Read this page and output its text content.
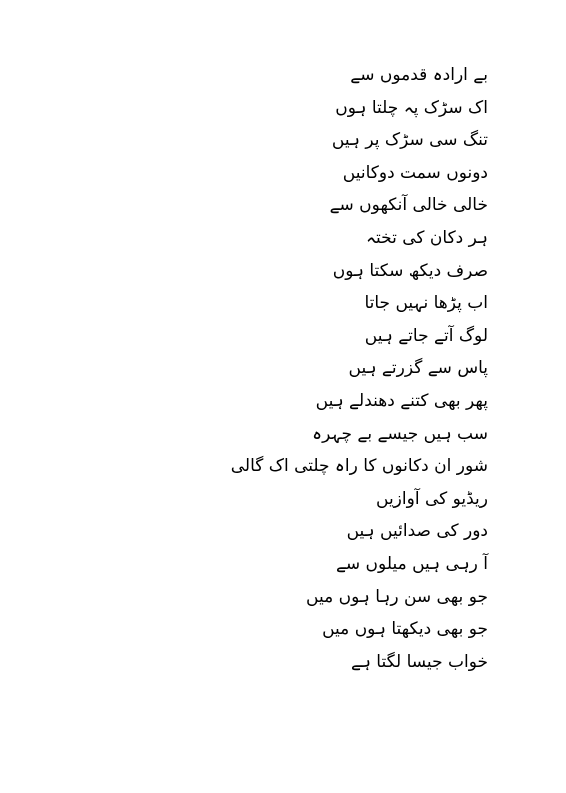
بے ارادہ قدموں سے
اک سڑک پہ چلتا ہوں
تنگ سی سڑک پر ہیں
دونوں سمت دوکانیں
خالی خالی آنکھوں سے
ہر دکان کی تختہ
صرف دیکھ سکتا ہوں
اب پڑھا نہیں جاتا
لوگ آتے جاتے ہیں
پاس سے گزرتے ہیں
پھر بھی کتنے دھندلے ہیں
سب ہیں جیسے بے چہرہ
شور ان دکانوں کا راہ چلتی اک گالی
ریڈیو کی آوازیں
دور کی صدائیں ہیں
آ رہی ہیں میلوں سے
جو بھی سن رہا ہوں میں
جو بھی دیکھتا ہوں میں
خواب جیسا لگتا ہے
